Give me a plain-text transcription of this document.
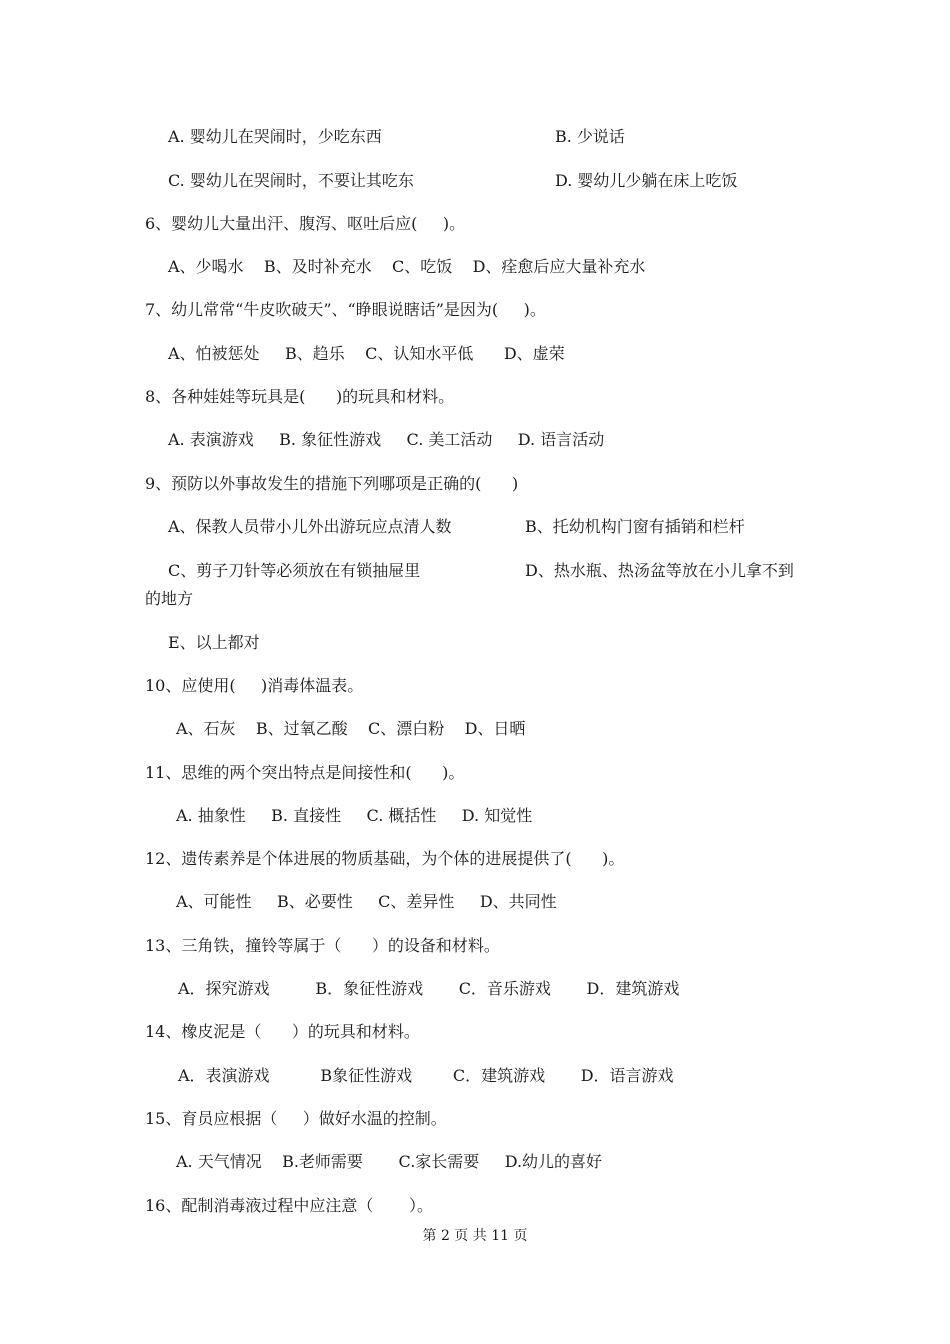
A. 婴幼儿在哭闹时，少吃东西	B. 少说话
C. 婴幼儿在哭闹时，不要让其吃东	D. 婴幼儿少躺在床上吃饭
6、婴幼儿大量出汗、腹泻、呕吐后应(     )。
A、少喝水    B、及时补充水    C、吃饭    D、痊愈后应大量补充水
7、幼儿常常“牛皮吹破天”、“睁眼说瞎话”是因为(     )。
A、怕被惩处     B、趋乐    C、认知水平低      D、虚荣
8、各种娃娃等玩具是(      )的玩具和材料。
A. 表演游戏     B. 象征性游戏     C. 美工活动     D. 语言活动
9、预防以外事故发生的措施下列哪项是正确的(      )
A、保教人员带小儿外出游玩应点清人数	B、托幼机构门窗有插销和栏杆
C、剪子刀针等必须放在有锁抽屉里	D、热水瓶、热汤盆等放在小儿拿不到
的地方
E、以上都对
10、应使用(     )消毒体温表。
A、石灰    B、过氧乙酸    C、漂白粉    D、日晒
11、思维的两个突出特点是间接性和(      )。
A. 抽象性     B. 直接性     C. 概括性     D. 知觉性
12、遗传素养是个体进展的物质基础，为个体的进展提供了(      )。
A、可能性     B、必要性     C、差异性     D、共同性
13、三角铁，撞铃等属于（      ）的设备和材料。
A．探究游戏         B．象征性游戏       C．音乐游戏       D．建筑游戏
14、橡皮泥是（      ）的玩具和材料。
A．表演游戏          B象征性游戏        C．建筑游戏       D．语言游戏
15、育员应根据（     ）做好水温的控制。
A. 天气情况    B.老师需要       C.家长需要     D.幼儿的喜好
16、配制消毒液过程中应注意（       ）。
第 2 页 共 11 页
